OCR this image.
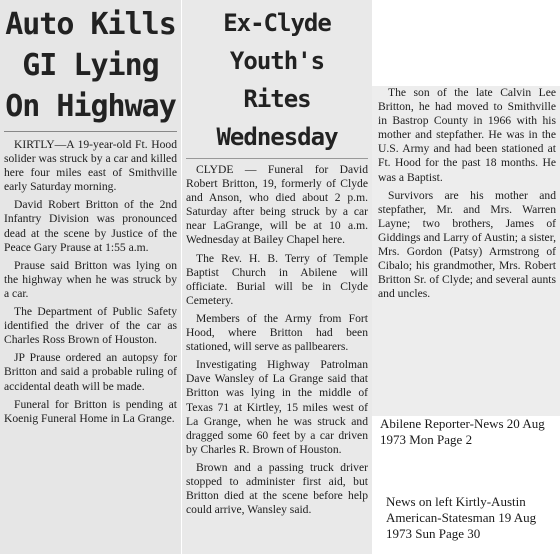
Auto Kills
GI Lying
On Highway

KIRTLY—A 19-year-old Ft. Hood solider was struck by a car and killed here four miles east of Smithville early Saturday morning.

David Robert Britton of the 2nd Infantry Division was pronounced dead at the scene by Justice of the Peace Gary Prause at 1:55 a.m.

Prause said Britton was lying on the highway when he was struck by a car.

The Department of Public Safety identified the driver of the car as Charles Ross Brown of Houston.

JP Prause ordered an autopsy for Britton and said a probable ruling of accidental death will be made.

Funeral for Britton is pending at Koenig Funeral Home in La Grange.

Ex-Clyde Youth's
Rites Wednesday

CLYDE — Funeral for David Robert Britton, 19, formerly of Clyde and Anson, who died about 2 p.m. Saturday after being struck by a car near LaGrange, will be at 10 a.m. Wednesday at Bailey Chapel here.

The Rev. H. B. Terry of Temple Baptist Church in Abilene will officiate. Burial will be in Clyde Cemetery.

Members of the Army from Fort Hood, where Britton had been stationed, will serve as pallbearers.

Investigating Highway Patrolman Dave Wansley of La Grange said that Britton was lying in the middle of Texas 71 at Kirtley, 15 miles west of La Grange, when he was struck and dragged some 60 feet by a car driven by Charles R. Brown of Houston.

Brown and a passing truck driver stopped to administer first aid, but Britton died at the scene before help could arrive, Wansley said.

The son of the late Calvin Lee Britton, he had moved to Smithville in Bastrop County in 1966 with his mother and stepfather. He was in the U.S. Army and had been stationed at Ft. Hood for the past 18 months. He was a Baptist.

Survivors are his mother and stepfather, Mr. and Mrs. Warren Layne; two brothers, James of Giddings and Larry of Austin; a sister, Mrs. Gordon (Patsy) Armstrong of Cibalo; his grandmother, Mrs. Robert Britton Sr. of Clyde; and several aunts and uncles.

Abilene Reporter-News 20 Aug 1973 Mon Page 2
News on left Kirtly-Austin American-Statesman 19 Aug 1973 Sun Page 30
